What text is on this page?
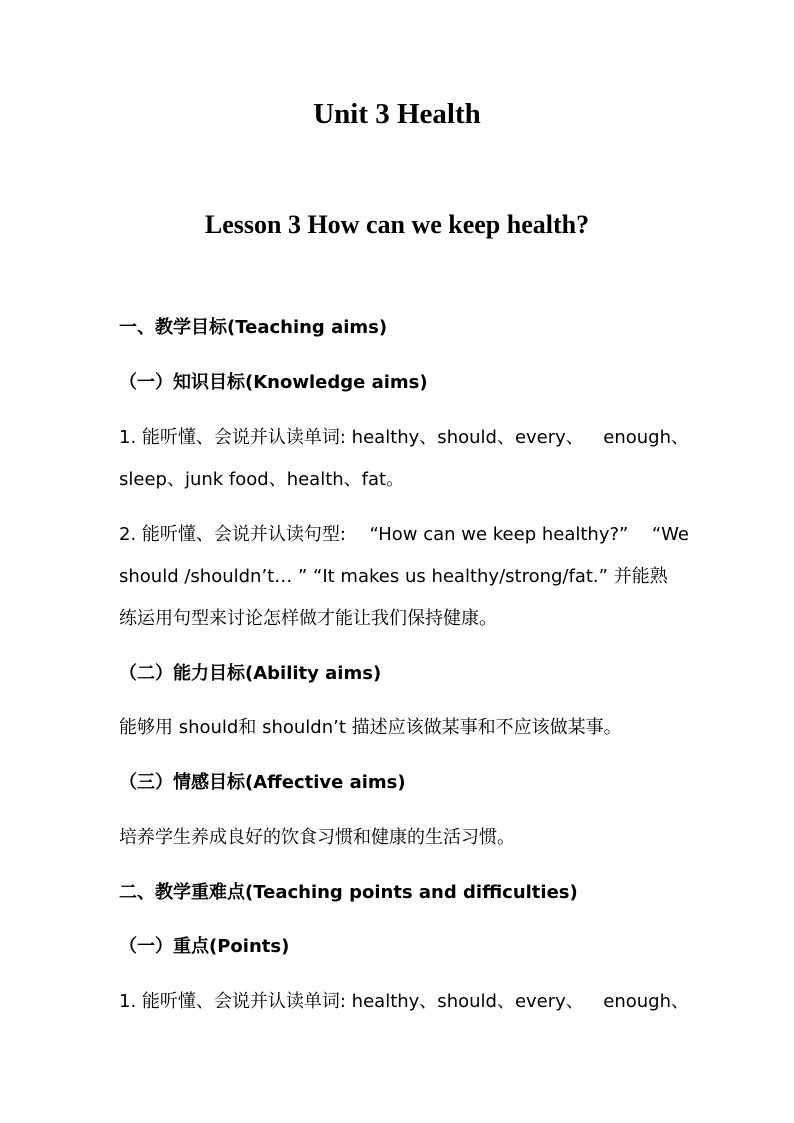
Unit 3 Health
Lesson 3 How can we keep health?
一、教学目标(Teaching aims)
（一）知识目标(Knowledge aims)
1. 能听懂、会说并认读单词: healthy、should、every、 enough、
sleep、junk food、health、fat。
2. 能听懂、会说并认读句型: “How can we keep healthy?” “We
should /shouldn’t… ” “It makes us healthy/strong/fat.” 并能熟
练运用句型来讨论怎样做才能让我们保持健康。
（二）能力目标(Ability aims)
能够用 should和 shouldn’t 描述应该做某事和不应该做某事。
（三）情感目标(Affective aims)
培养学生养成良好的饮食习惯和健康的生活习惯。
二、教学重难点(Teaching points and difficulties)
（一）重点(Points)
1. 能听懂、会说并认读单词: healthy、should、every、 enough、
